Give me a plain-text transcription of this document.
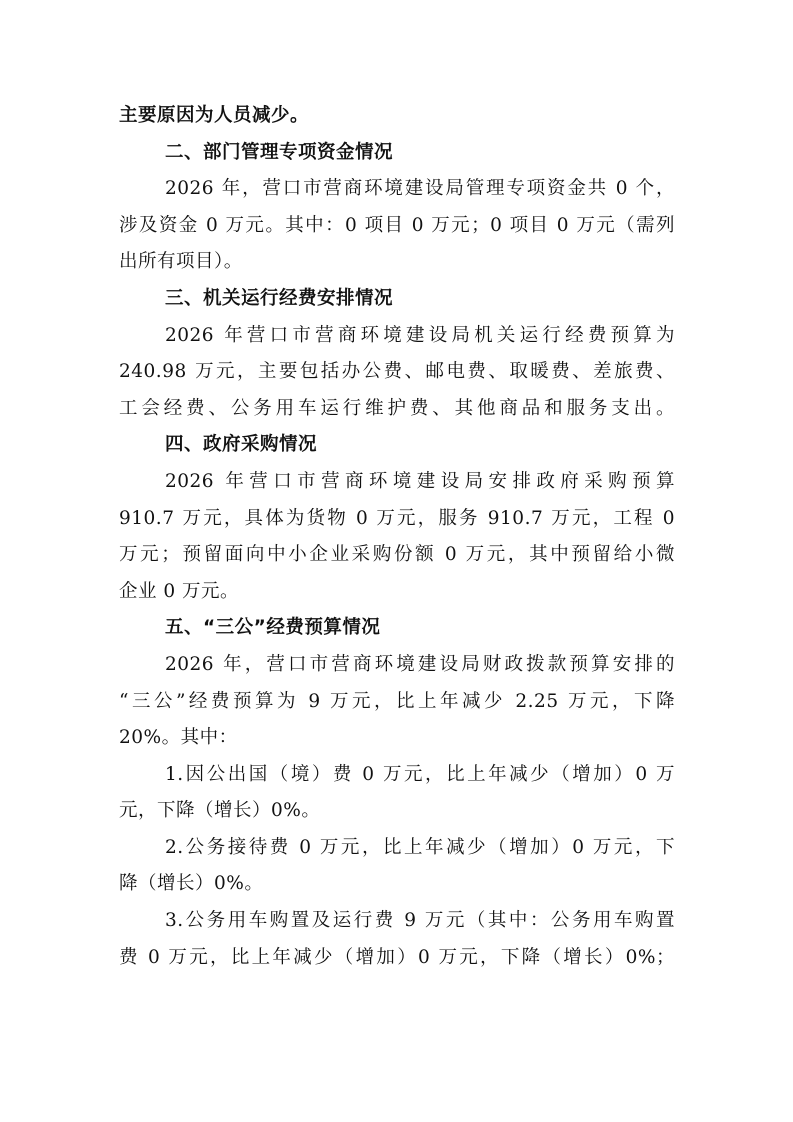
主要原因为人员减少。
二、部门管理专项资金情况
2026 年，营口市营商环境建设局管理专项资金共 0 个，
涉及资金 0 万元。其中：0 项目 0 万元；0 项目 0 万元（需列
出所有项目）。
三、机关运行经费安排情况
2026 年营口市营商环境建设局机关运行经费预算为
240.98 万元，主要包括办公费、邮电费、取暖费、差旅费、
工会经费、公务用车运行维护费、其他商品和服务支出。
四、政府采购情况
2026 年营口市营商环境建设局安排政府采购预算
910.7 万元，具体为货物 0 万元，服务 910.7 万元，工程 0
万元；预留面向中小企业采购份额 0 万元，其中预留给小微
企业 0 万元。
五、“三公”经费预算情况
2026 年，营口市营商环境建设局财政拨款预算安排的
“三公”经费预算为 9 万元，比上年减少 2.25 万元，下降
20%。其中：
1.因公出国（境）费 0 万元，比上年减少（增加）0 万
元，下降（增长）0%。
2.公务接待费 0 万元，比上年减少（增加）0 万元，下
降（增长）0%。
3.公务用车购置及运行费 9 万元（其中：公务用车购置
费 0 万元，比上年减少（增加）0 万元，下降（增长）0%；
